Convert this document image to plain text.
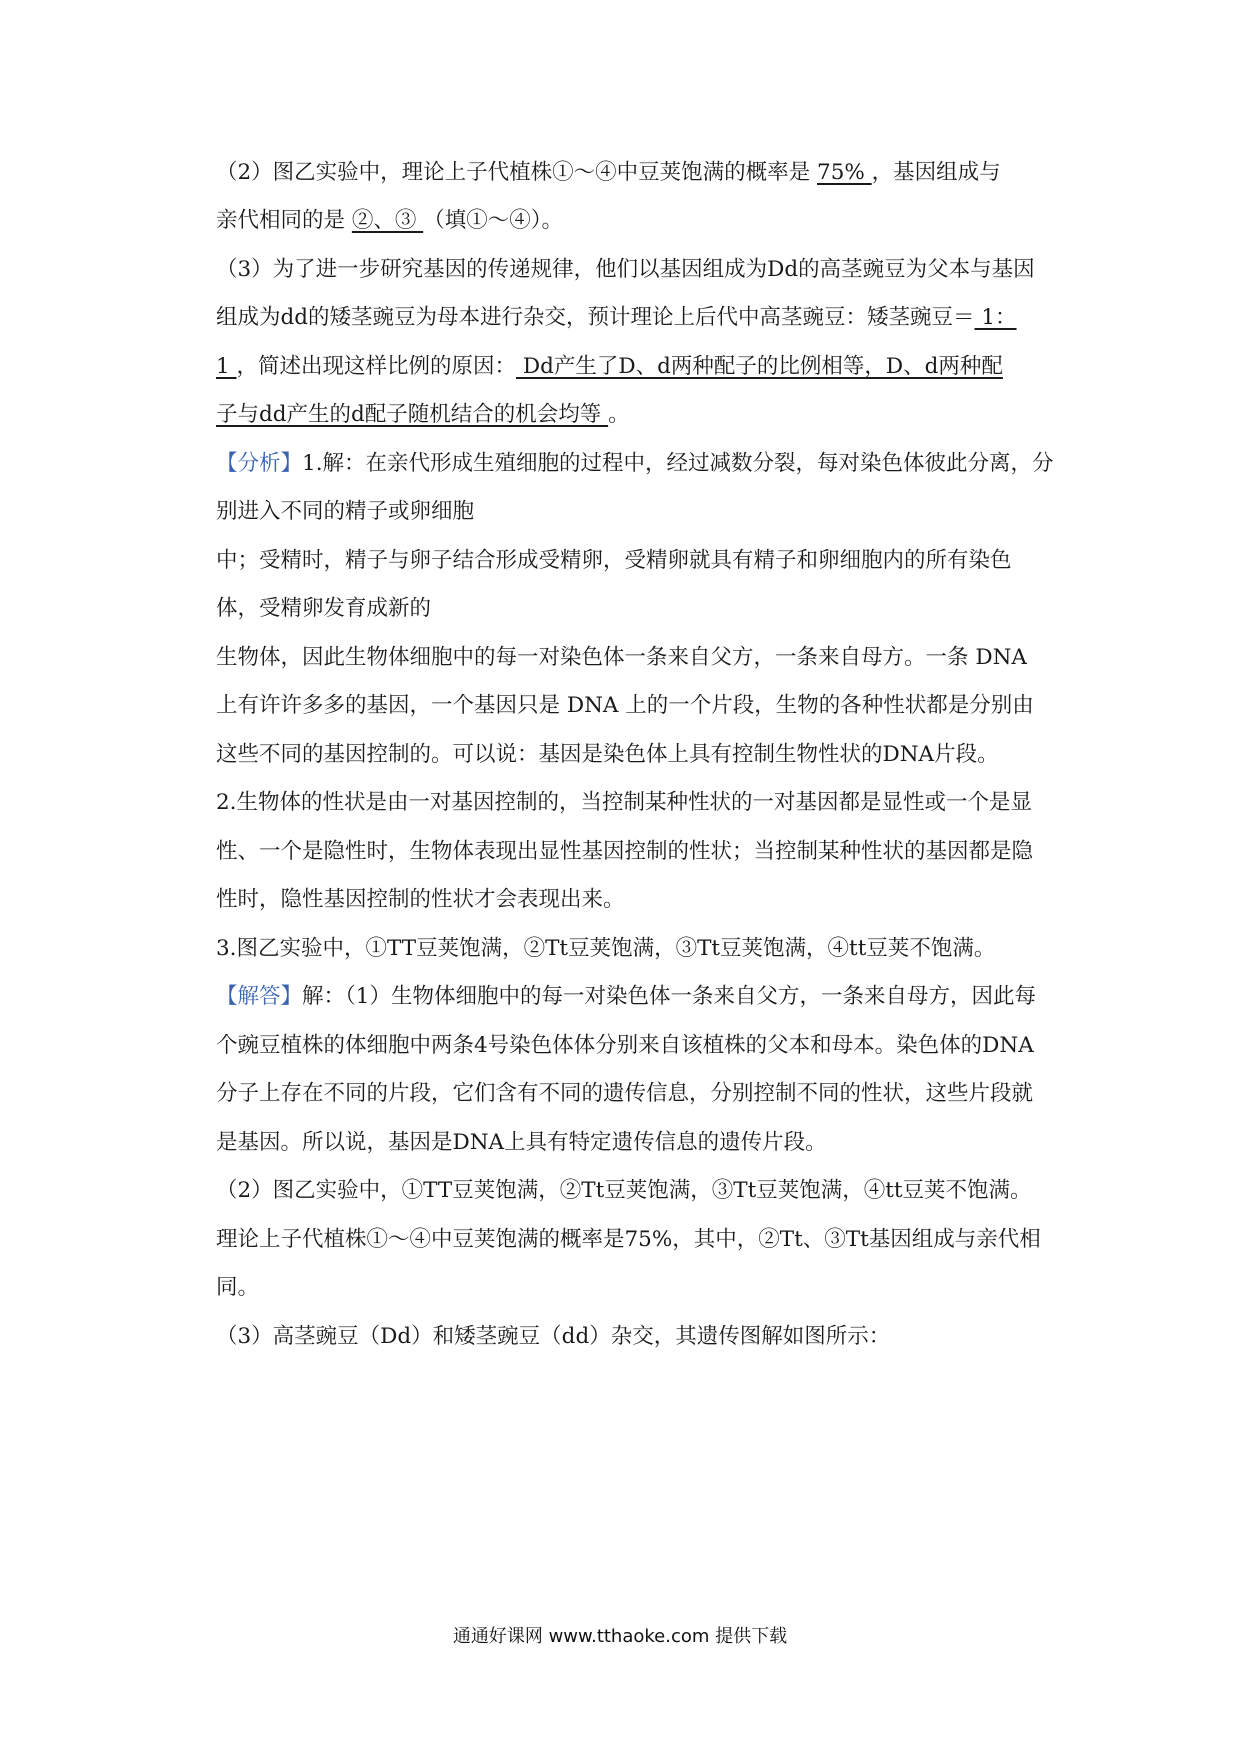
（2）图乙实验中，理论上子代植株①～④中豆荚饱满的概率是 75% ，基因组成与
亲代相同的是 ②、③ （填①～④）。
（3）为了进一步研究基因的传递规律，他们以基因组成为Dd的高茎豌豆为父本与基因
组成为dd的矮茎豌豆为母本进行杂交，预计理论上后代中高茎豌豆：矮茎豌豆＝ 1：
1 ，简述出现这样比例的原因： Dd产生了D、d两种配子的比例相等，D、d两种配
子与dd产生的d配子随机结合的机会均等 。
【分析】1.解：在亲代形成生殖细胞的过程中，经过减数分裂，每对染色体彼此分离，分
别进入不同的精子或卵细胞
中；受精时，精子与卵子结合形成受精卵，受精卵就具有精子和卵细胞内的所有染色
体，受精卵发育成新的
生物体，因此生物体细胞中的每一对染色体一条来自父方，一条来自母方。一条 DNA
上有许许多多的基因，一个基因只是 DNA 上的一个片段，生物的各种性状都是分别由
这些不同的基因控制的。可以说：基因是染色体上具有控制生物性状的DNA片段。
2.生物体的性状是由一对基因控制的，当控制某种性状的一对基因都是显性或一个是显
性、一个是隐性时，生物体表现出显性基因控制的性状；当控制某种性状的基因都是隐
性时，隐性基因控制的性状才会表现出来。
3.图乙实验中，①TT豆荚饱满，②Tt豆荚饱满，③Tt豆荚饱满，④tt豆荚不饱满。
【解答】解：（1）生物体细胞中的每一对染色体一条来自父方，一条来自母方，因此每
个豌豆植株的体细胞中两条4号染色体体分别来自该植株的父本和母本。染色体的DNA
分子上存在不同的片段，它们含有不同的遗传信息，分别控制不同的性状，这些片段就
是基因。所以说，基因是DNA上具有特定遗传信息的遗传片段。
（2）图乙实验中，①TT豆荚饱满，②Tt豆荚饱满，③Tt豆荚饱满，④tt豆荚不饱满。
理论上子代植株①～④中豆荚饱满的概率是75%，其中，②Tt、③Tt基因组成与亲代相
同。
（3）高茎豌豆（Dd）和矮茎豌豆（dd）杂交，其遗传图解如图所示：
通通好课网 www.tthaoke.com 提供下载
